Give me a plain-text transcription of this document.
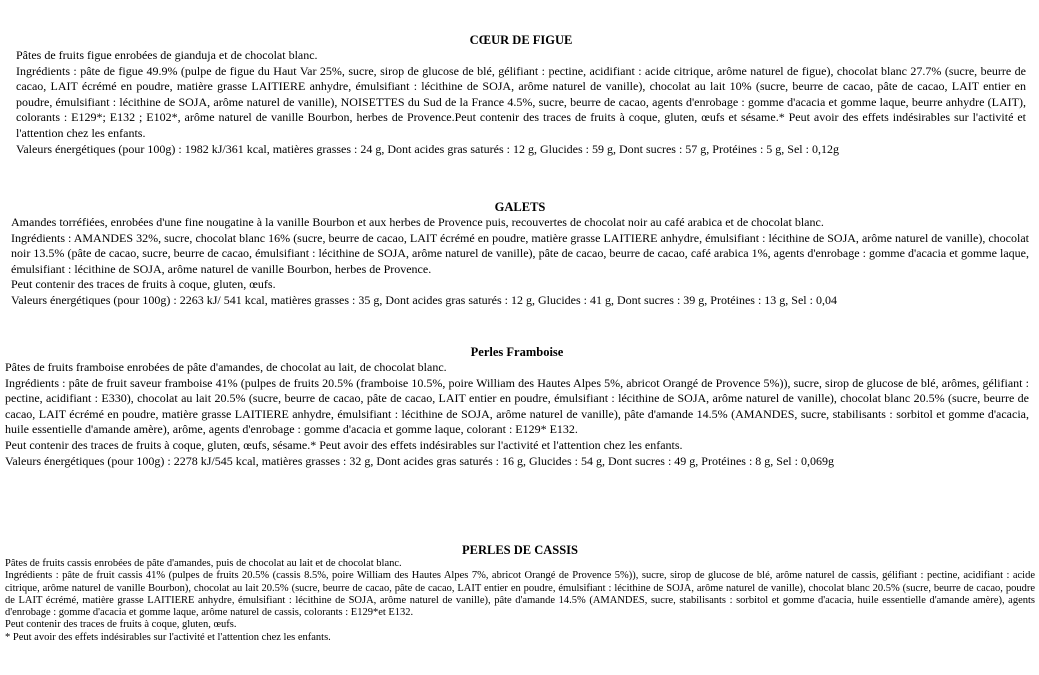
CŒUR DE FIGUE

Pâtes de fruits figue enrobées de gianduja et de chocolat blanc.

Ingrédients : pâte de figue 49.9% (pulpe de figue du Haut Var 25%, sucre, sirop de glucose de blé, gélifiant : pectine, acidifiant : acide citrique, arôme naturel de figue), chocolat blanc 27.7% (sucre, beurre de cacao, LAIT écrémé en poudre, matière grasse LAITIERE anhydre, émulsifiant : lécithine de SOJA, arôme naturel de vanille), chocolat au lait 10% (sucre, beurre de cacao, pâte de cacao, LAIT entier en poudre, émulsifiant : lécithine de SOJA, arôme naturel de vanille), NOISETTES du Sud de la France 4.5%, sucre, beurre de cacao, agents d'enrobage : gomme d'acacia et gomme laque, beurre anhydre (LAIT), colorants : E129*; E132 ; E102*, arôme naturel de vanille Bourbon, herbes de Provence.Peut contenir des traces de fruits à coque, gluten, œufs et sésame.* Peut avoir des effets indésirables sur l'activité et l'attention chez les enfants.

Valeurs énergétiques (pour 100g) : 1982 kJ/361 kcal, matières grasses : 24 g, Dont acides gras saturés : 12 g, Glucides : 59 g, Dont sucres : 57 g, Protéines : 5 g, Sel : 0,12g

GALETS

Amandes torréfiées, enrobées d'une fine nougatine à la vanille Bourbon et aux herbes de Provence puis, recouvertes de chocolat noir au café arabica et de chocolat blanc.

Ingrédients : AMANDES 32%, sucre, chocolat blanc 16% (sucre, beurre de cacao, LAIT écrémé en poudre, matière grasse LAITIERE anhydre, émulsifiant : lécithine de SOJA, arôme naturel de vanille), chocolat noir 13.5% (pâte de cacao, sucre, beurre de cacao, émulsifiant : lécithine de SOJA, arôme naturel de vanille), pâte de cacao, beurre de cacao, café arabica 1%, agents d'enrobage : gomme d'acacia et gomme laque, émulsifiant : lécithine de SOJA, arôme naturel de vanille Bourbon, herbes de Provence.

Peut contenir des traces de fruits à coque, gluten, œufs.

Valeurs énergétiques (pour 100g) : 2263 kJ/ 541 kcal, matières grasses : 35 g, Dont acides gras saturés : 12 g, Glucides : 41 g, Dont sucres : 39 g, Protéines : 13 g, Sel : 0,04

Perles Framboise

Pâtes de fruits framboise enrobées de pâte d'amandes, de chocolat au lait, de chocolat blanc.

Ingrédients : pâte de fruit saveur framboise 41% (pulpes de fruits 20.5% (framboise 10.5%, poire William des Hautes Alpes 5%, abricot Orangé de Provence 5%)), sucre, sirop de glucose de blé, arômes, gélifiant : pectine, acidifiant : E330), chocolat au lait 20.5% (sucre, beurre de cacao, pâte de cacao, LAIT entier en poudre, émulsifiant : lécithine de SOJA, arôme naturel de vanille), chocolat blanc 20.5% (sucre, beurre de cacao, LAIT écrémé en poudre, matière grasse LAITIERE anhydre, émulsifiant : lécithine de SOJA, arôme naturel de vanille), pâte d'amande 14.5% (AMANDES, sucre, stabilisants : sorbitol et gomme d'acacia, huile essentielle d'amande amère), arôme, agents d'enrobage : gomme d'acacia et gomme laque, colorant : E129* E132.

Peut contenir des traces de fruits à coque, gluten, œufs, sésame.* Peut avoir des effets indésirables sur l'activité et l'attention chez les enfants.

Valeurs énergétiques (pour 100g) : 2278 kJ/545 kcal, matières grasses : 32 g, Dont acides gras saturés : 16 g, Glucides : 54 g, Dont sucres : 49 g, Protéines : 8 g, Sel : 0,069g

PERLES DE CASSIS

Pâtes de fruits cassis enrobées de pâte d'amandes, puis de chocolat au lait et de chocolat blanc.

Ingrédients : pâte de fruit cassis 41% (pulpes de fruits 20.5% (cassis 8.5%, poire William des Hautes Alpes 7%, abricot Orangé de Provence 5%)), sucre, sirop de glucose de blé, arôme naturel de cassis, gélifiant : pectine, acidifiant : acide citrique, arôme naturel de vanille Bourbon), chocolat au lait 20.5% (sucre, beurre de cacao, pâte de cacao, LAIT entier en poudre, émulsifiant : lécithine de SOJA, arôme naturel de vanille), chocolat blanc 20.5% (sucre, beurre de cacao, poudre de LAIT écrémé, matière grasse LAITIERE anhydre, émulsifiant : lécithine de SOJA, arôme naturel de vanille), pâte d'amande 14.5% (AMANDES, sucre, stabilisants : sorbitol et gomme d'acacia, huile essentielle d'amande amère), agents d'enrobage : gomme d'acacia et gomme laque, arôme naturel de cassis, colorants : E129*et E132.

Peut contenir des traces de fruits à coque, gluten, œufs.

* Peut avoir des effets indésirables sur l'activité et l'attention chez les enfants.
